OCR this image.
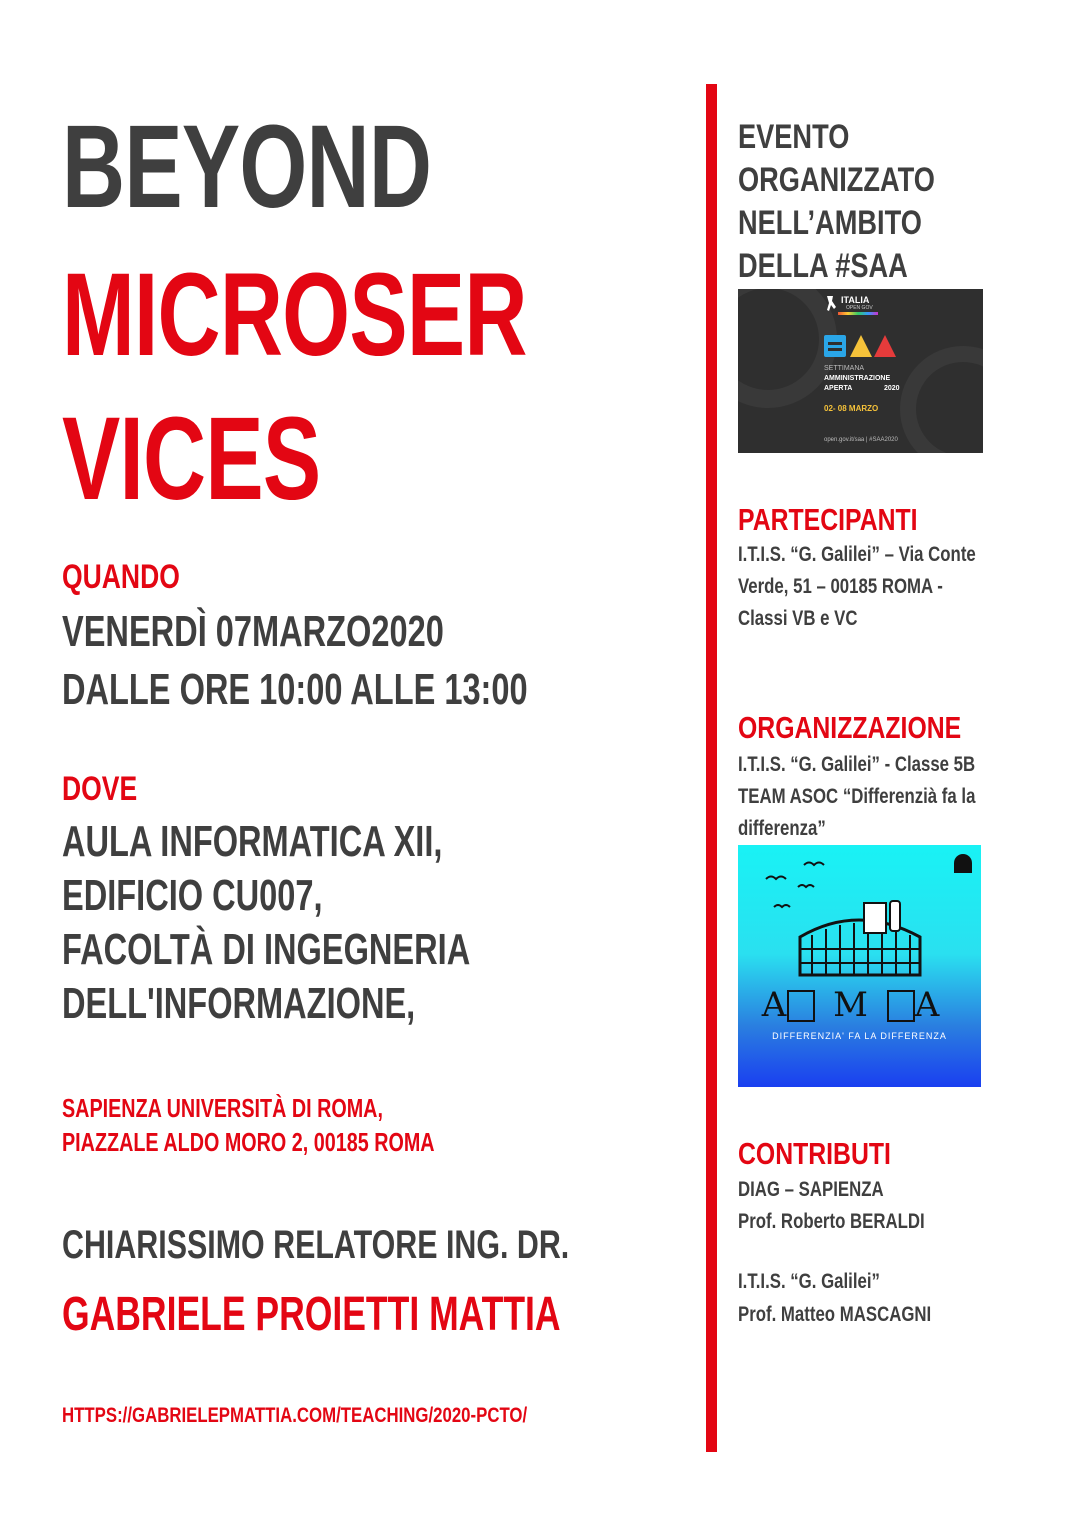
BEYOND
MICROSER
VICES
QUANDO
VENERDÌ 07MARZO2020
DALLE ORE 10:00 ALLE 13:00
DOVE
AULA INFORMATICA XII,
EDIFICIO CU007,
FACOLTÀ DI INGEGNERIA
DELL'INFORMAZIONE,
SAPIENZA UNIVERSITÀ DI ROMA,
PIAZZALE ALDO MORO 2, 00185 ROMA
CHIARISSIMO RELATORE ING. DR.
GABRIELE PROIETTI MATTIA
HTTPS://GABRIELEPMATTIA.COM/TEACHING/2020-PCTO/
EVENTO
ORGANIZZATO
NELL’AMBITO
DELLA #SAA
ITALIA
OPEN GOV
SETTIMANA
AMMINISTRAZIONE
APERTA	2020
02- 08 MARZO
open.gov.it/saa | #SAA2020
PARTECIPANTI
I.T.I.S. “G. Galilei” – Via Conte
Verde, 51 – 00185 ROMA -
Classi VB e VC
ORGANIZZAZIONE
I.T.I.S. “G. Galilei” - Classe 5B
TEAM ASOC “Differenzià fa la
differenza”
A M A
DIFFERENZIA' FA LA DIFFERENZA
CONTRIBUTI
DIAG – SAPIENZA
Prof. Roberto BERALDI
I.T.I.S. “G. Galilei”
Prof. Matteo MASCAGNI
